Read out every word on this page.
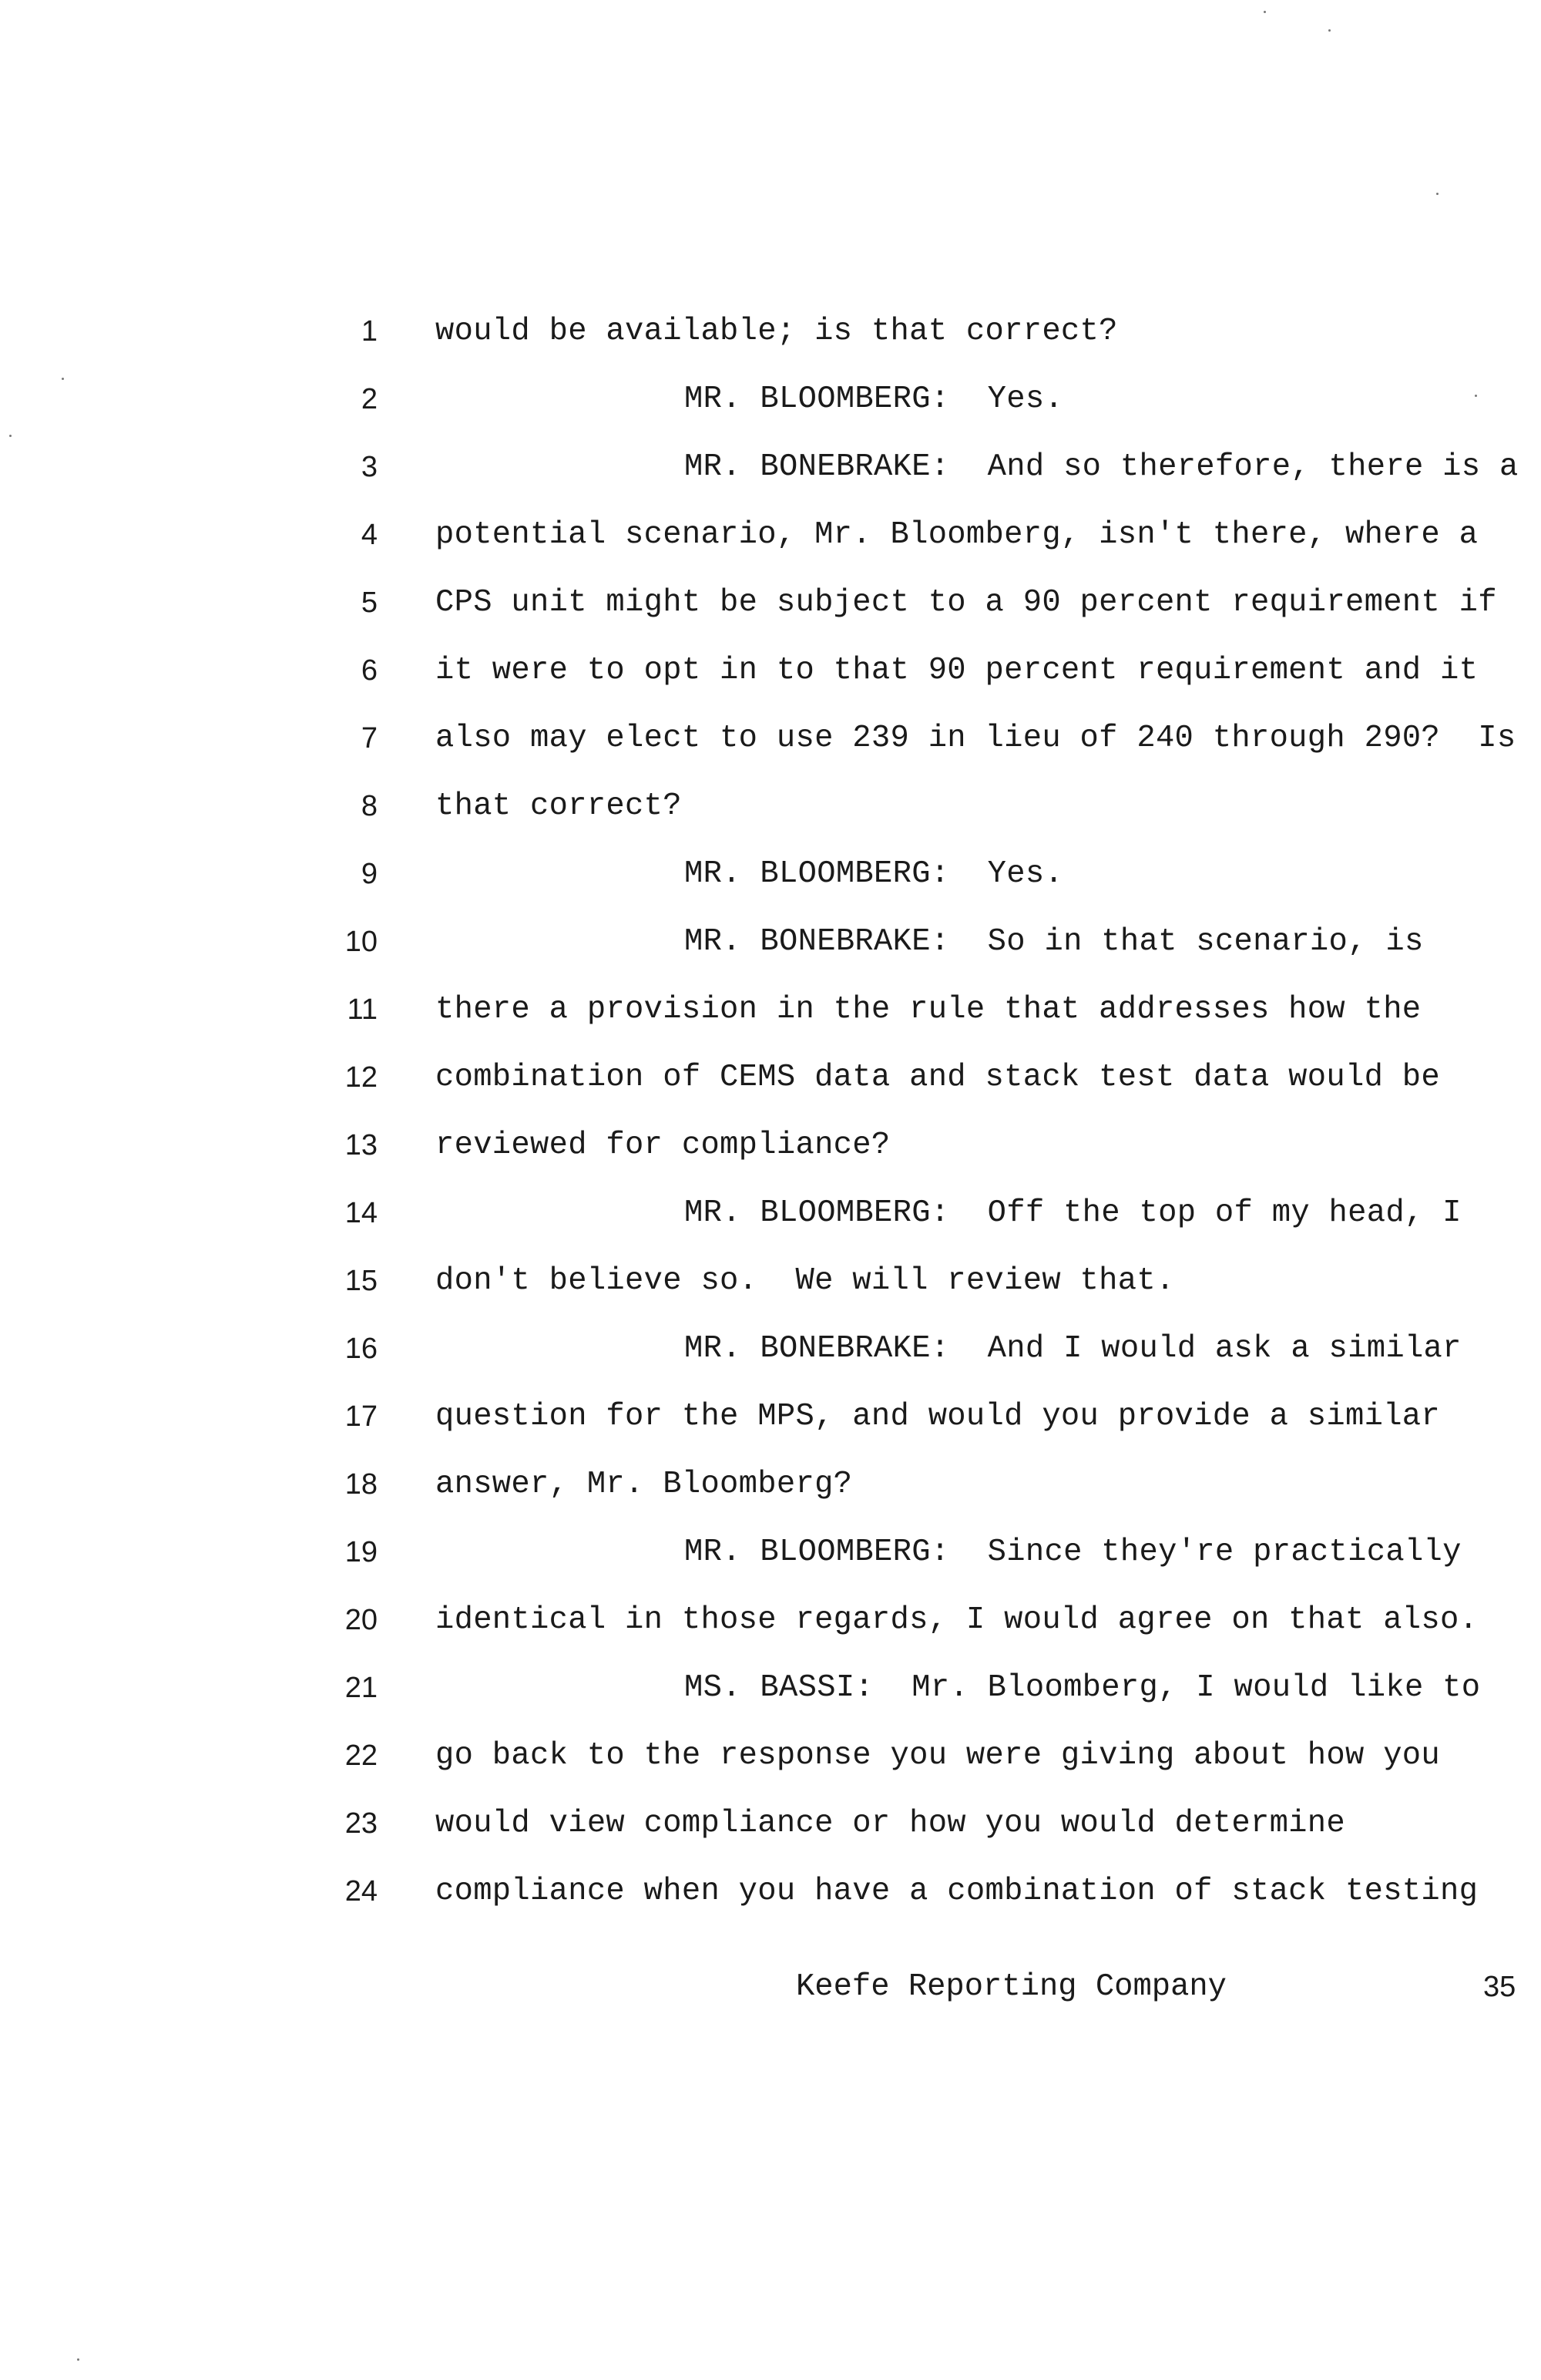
1 would be available; is that correct?
2	MR. BLOOMBERG:  Yes.
3	MR. BONEBRAKE:  And so therefore, there is a
4 potential scenario, Mr. Bloomberg, isn't there, where a
5 CPS unit might be subject to a 90 percent requirement if
6 it were to opt in to that 90 percent requirement and it
7 also may elect to use 239 in lieu of 240 through 290?  Is
8 that correct?
9	MR. BLOOMBERG:  Yes.
10	MR. BONEBRAKE:  So in that scenario, is
11 there a provision in the rule that addresses how the
12 combination of CEMS data and stack test data would be
13 reviewed for compliance?
14	MR. BLOOMBERG:  Off the top of my head, I
15 don't believe so.  We will review that.
16	MR. BONEBRAKE:  And I would ask a similar
17 question for the MPS, and would you provide a similar
18 answer, Mr. Bloomberg?
19	MR. BLOOMBERG:  Since they're practically
20 identical in those regards, I would agree on that also.
21	MS. BASSI:  Mr. Bloomberg, I would like to
22 go back to the response you were giving about how you
23 would view compliance or how you would determine
24 compliance when you have a combination of stack testing
Keefe Reporting Company	35
